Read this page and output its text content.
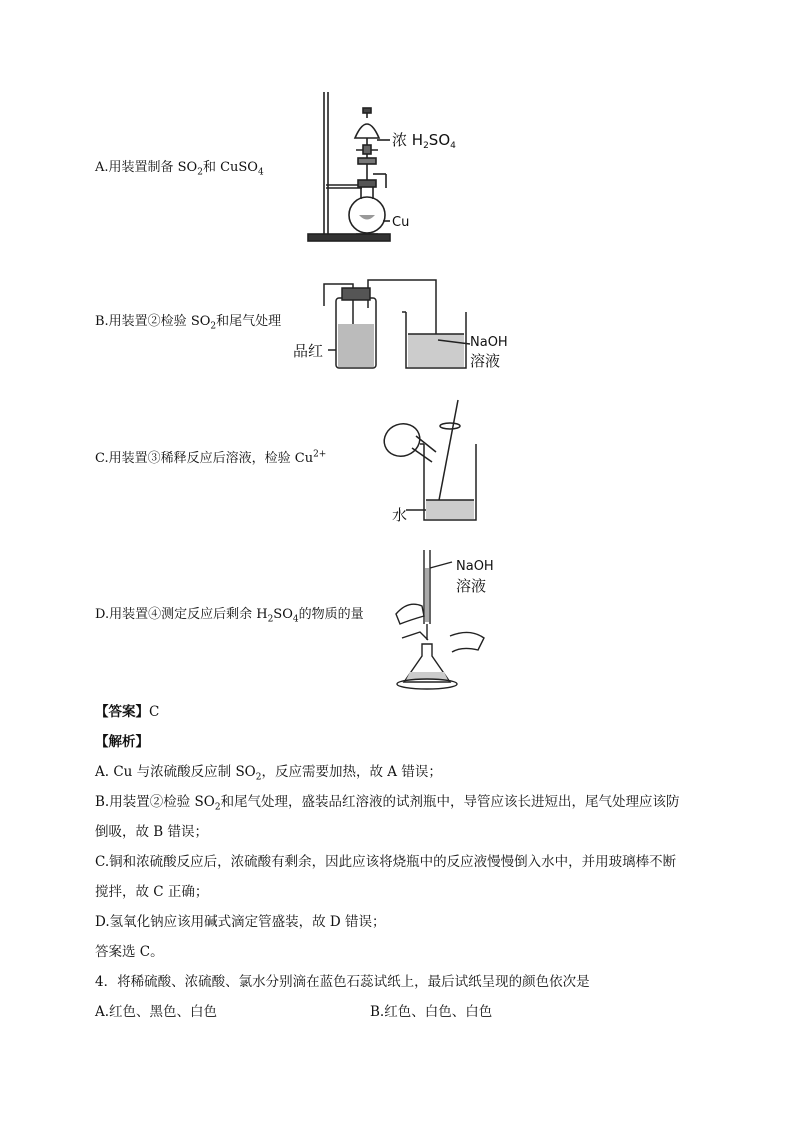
A.用装置制备 $SO_2$和 CuSO$_4$
浓 $H_2SO_4$
Cu
B.用装置②检验 $SO_2$和尾气处理
品红	NaOH
溶液
C.用装置③稀释反应后溶液，检验 $Cu^{2+}$
水
D.用装置④测定反应后剩余 $H_2SO_4$的物质的量
NaOH
溶液
【答案】C
【解析】
A. Cu 与浓硫酸反应制 $SO_2$，反应需要加热，故 A 错误；
B.用装置②检验 $SO_2$和尾气处理，盛装品红溶液的试剂瓶中，导管应该长进短出，尾气处理应该防
倒吸，故 B 错误；
C.铜和浓硫酸反应后，浓硫酸有剩余，因此应该将烧瓶中的反应液慢慢倒入水中，并用玻璃棒不断
搅拌，故 C 正确；
D.氢氧化钠应该用碱式滴定管盛装，故 D 错误；
答案选 C。
4．将稀硫酸、浓硫酸、氯水分别滴在蓝色石蕊试纸上，最后试纸呈现的颜色依次是
A.红色、黑色、白色	B.红色、白色、白色
